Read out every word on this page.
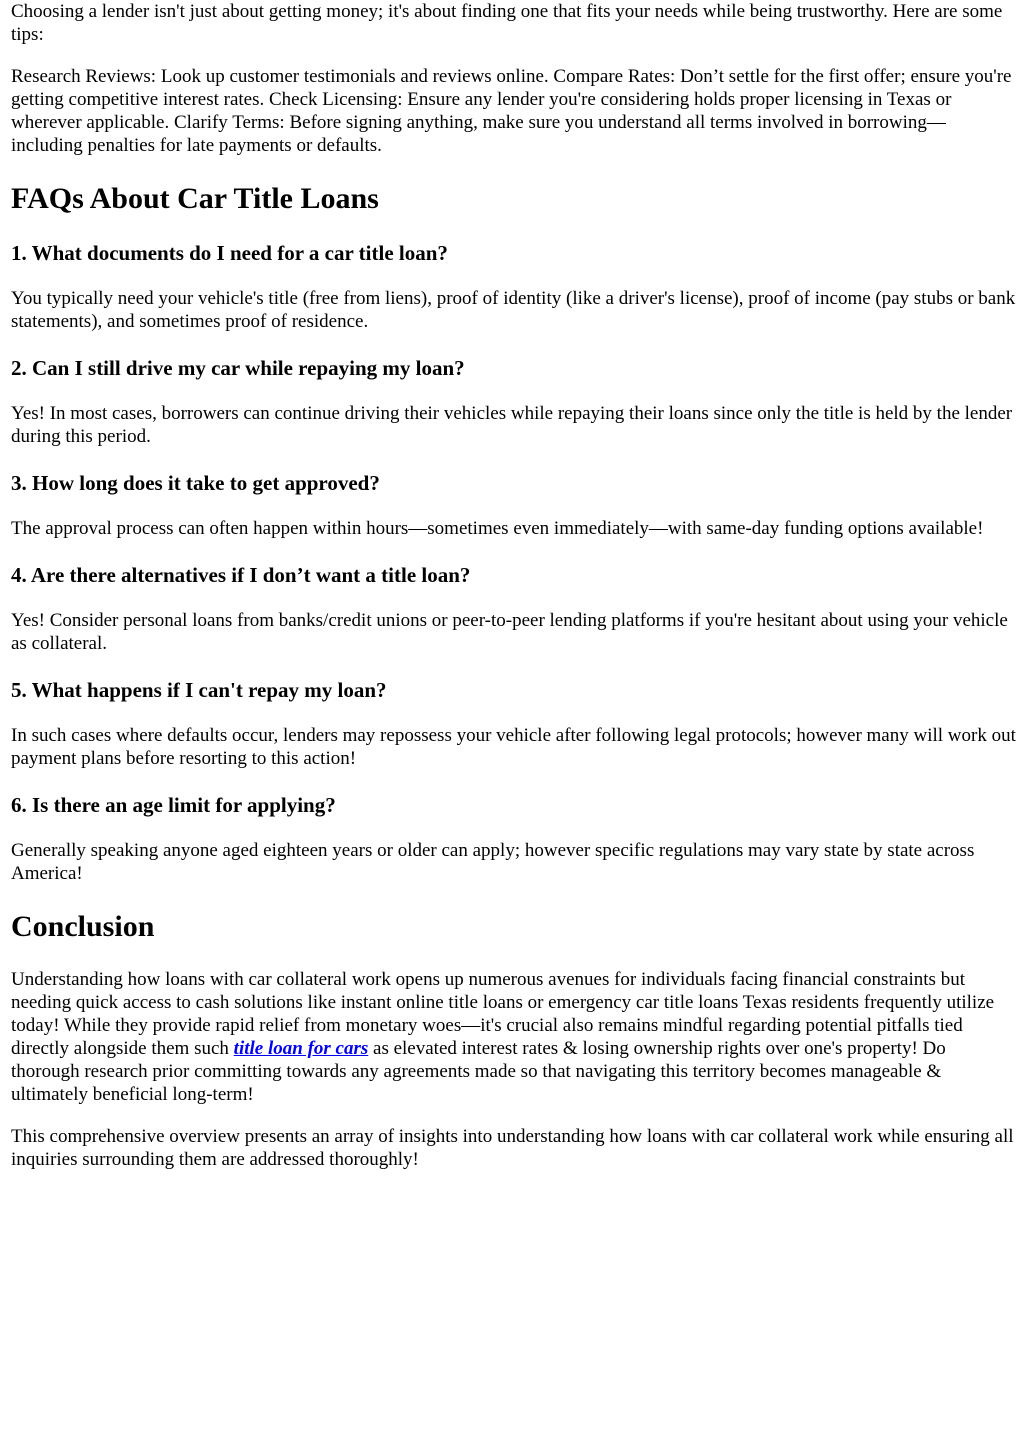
Choosing a lender isn't just about getting money; it's about finding one that fits your needs while being trustworthy. Here are some tips:

Research Reviews: Look up customer testimonials and reviews online. Compare Rates: Don’t settle for the first offer; ensure you're getting competitive interest rates. Check Licensing: Ensure any lender you're considering holds proper licensing in Texas or wherever applicable. Clarify Terms: Before signing anything, make sure you understand all terms involved in borrowing—including penalties for late payments or defaults.

FAQs About Car Title Loans
1. What documents do I need for a car title loan?

You typically need your vehicle's title (free from liens), proof of identity (like a driver's license), proof of income (pay stubs or bank statements), and sometimes proof of residence.

2. Can I still drive my car while repaying my loan?

Yes! In most cases, borrowers can continue driving their vehicles while repaying their loans since only the title is held by the lender during this period.

3. How long does it take to get approved?

The approval process can often happen within hours—sometimes even immediately—with same-day funding options available!

4. Are there alternatives if I don’t want a title loan?

Yes! Consider personal loans from banks/credit unions or peer-to-peer lending platforms if you're hesitant about using your vehicle as collateral.

5. What happens if I can't repay my loan?

In such cases where defaults occur, lenders may repossess your vehicle after following legal protocols; however many will work out payment plans before resorting to this action!

6. Is there an age limit for applying?

Generally speaking anyone aged eighteen years or older can apply; however specific regulations may vary state by state across America!

Conclusion

Understanding how loans with car collateral work opens up numerous avenues for individuals facing financial constraints but needing quick access to cash solutions like instant online title loans or emergency car title loans Texas residents frequently utilize today! While they provide rapid relief from monetary woes—it's crucial also remains mindful regarding potential pitfalls tied directly alongside them such title loan for cars as elevated interest rates & losing ownership rights over one's property! Do thorough research prior committing towards any agreements made so that navigating this territory becomes manageable & ultimately beneficial long-term!

This comprehensive overview presents an array of insights into understanding how loans with car collateral work while ensuring all inquiries surrounding them are addressed thoroughly!
